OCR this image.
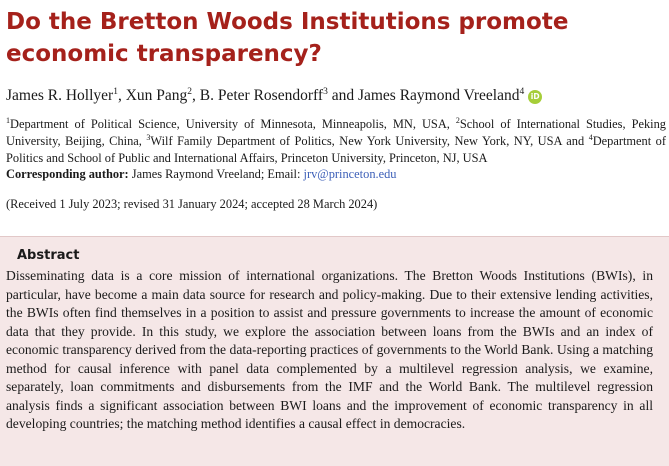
Do the Bretton Woods Institutions promote economic transparency?
James R. Hollyer$^1$, Xun Pang$^2$, B. Peter Rosendorff$^3$ and James Raymond Vreeland$^4$ iD
$^1$Department of Political Science, University of Minnesota, Minneapolis, MN, USA, $^2$School of International Studies, Peking University, Beijing, China, $^3$Wilf Family Department of Politics, New York University, New York, NY, USA and $^4$Department of Politics and School of Public and International Affairs, Princeton University, Princeton, NJ, USA
Corresponding author: James Raymond Vreeland; Email: jrv@princeton.edu
(Received 1 July 2023; revised 31 January 2024; accepted 28 March 2024)
Abstract

Disseminating data is a core mission of international organizations. The Bretton Woods Institutions (BWIs), in particular, have become a main data source for research and policy-making. Due to their extensive lending activities, the BWIs often find themselves in a position to assist and pressure governments to increase the amount of economic data that they provide. In this study, we explore the association between loans from the BWIs and an index of economic transparency derived from the data-reporting practices of governments to the World Bank. Using a matching method for causal inference with panel data complemented by a multilevel regression analysis, we examine, separately, loan commitments and disbursements from the IMF and the World Bank. The multilevel regression analysis finds a significant association between BWI loans and the improvement of economic transparency in all developing countries; the matching method identifies a causal effect in democracies.
